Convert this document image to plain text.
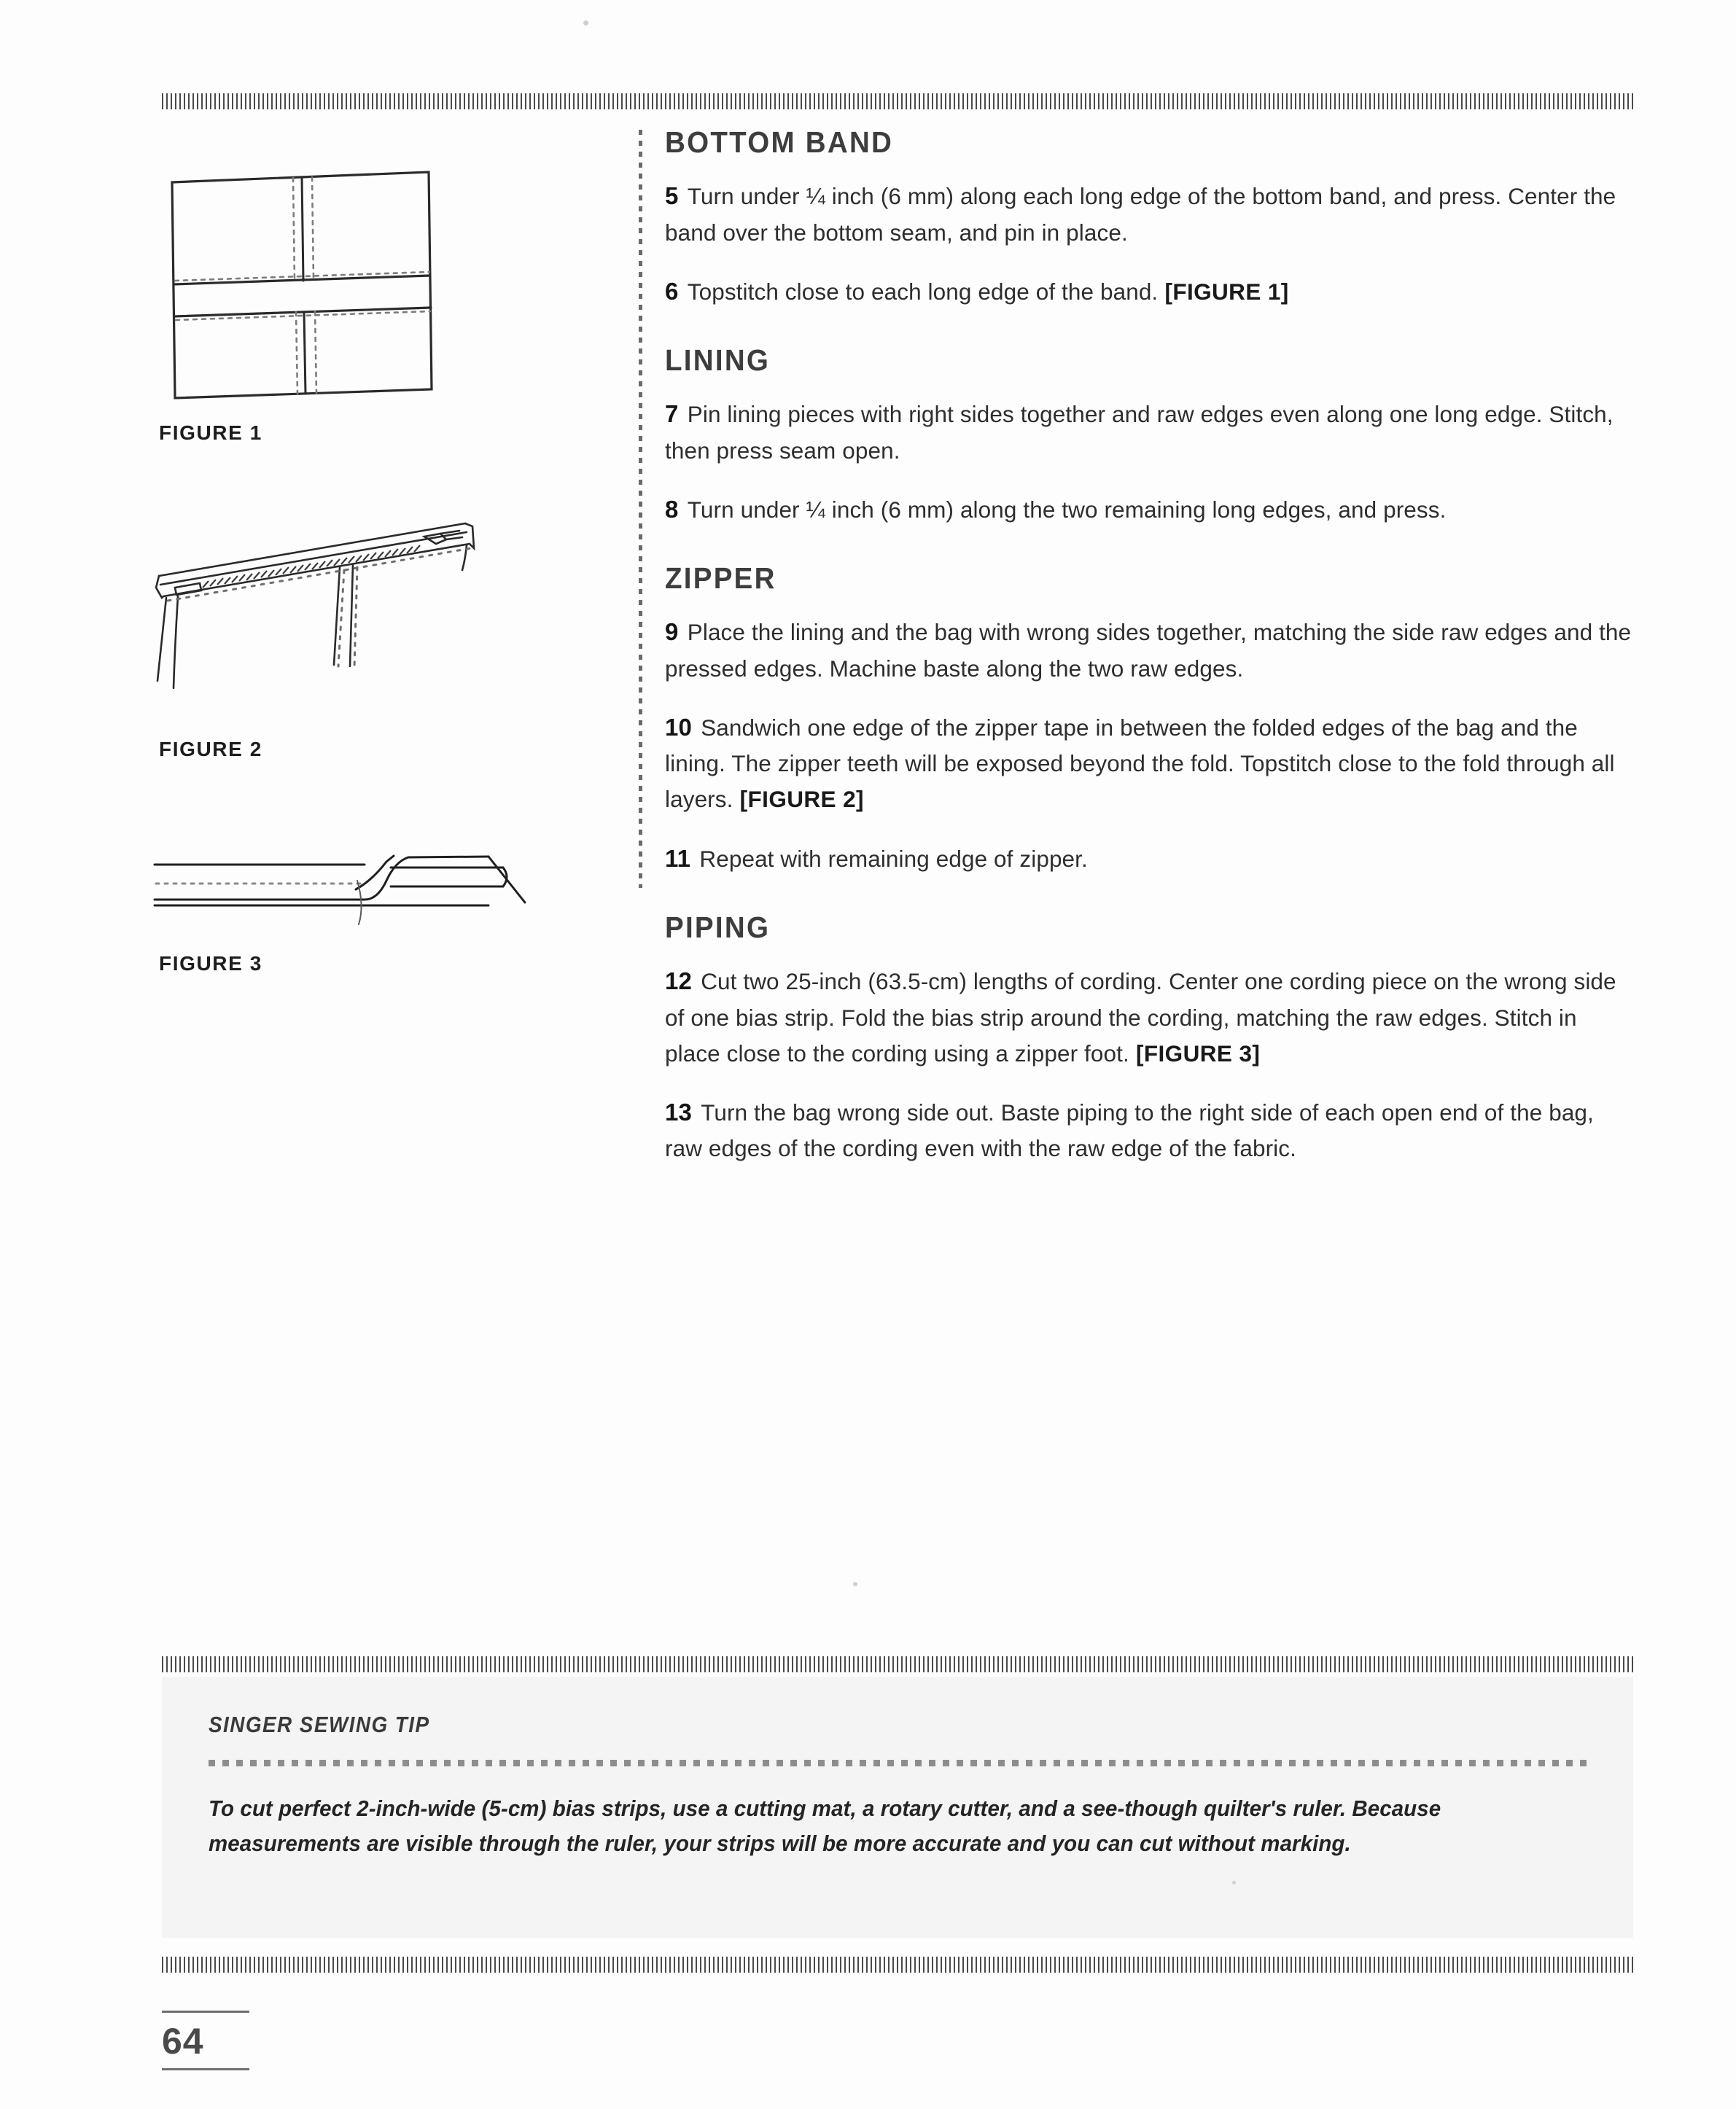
FIGURE 1
FIGURE 2
FIGURE 3
BOTTOM BAND

5 Turn under ¼ inch (6 mm) along each long edge of the bottom band, and press. Center the band over the bottom seam, and pin in place.

6 Topstitch close to each long edge of the band. [FIGURE 1]

LINING

7 Pin lining pieces with right sides together and raw edges even along one long edge. Stitch, then press seam open.

8 Turn under ¼ inch (6 mm) along the two remaining long edges, and press.

ZIPPER

9 Place the lining and the bag with wrong sides together, matching the side raw edges and the pressed edges. Machine baste along the two raw edges.

10 Sandwich one edge of the zipper tape in between the folded edges of the bag and the lining. The zipper teeth will be exposed beyond the fold. Topstitch close to the fold through all layers. [FIGURE 2]

11 Repeat with remaining edge of zipper.

PIPING

12 Cut two 25-inch (63.5-cm) lengths of cording. Center one cording piece on the wrong side of one bias strip. Fold the bias strip around the cording, matching the raw edges. Stitch in place close to the cording using a zipper foot. [FIGURE 3]

13 Turn the bag wrong side out. Baste piping to the right side of each open end of the bag, raw edges of the cording even with the raw edge of the fabric.

SINGER SEWING TIP
To cut perfect 2-inch-wide (5-cm) bias strips, use a cutting mat, a rotary cutter, and a see-though quilter's ruler. Because measurements are visible through the ruler, your strips will be more accurate and you can cut without marking.
64
